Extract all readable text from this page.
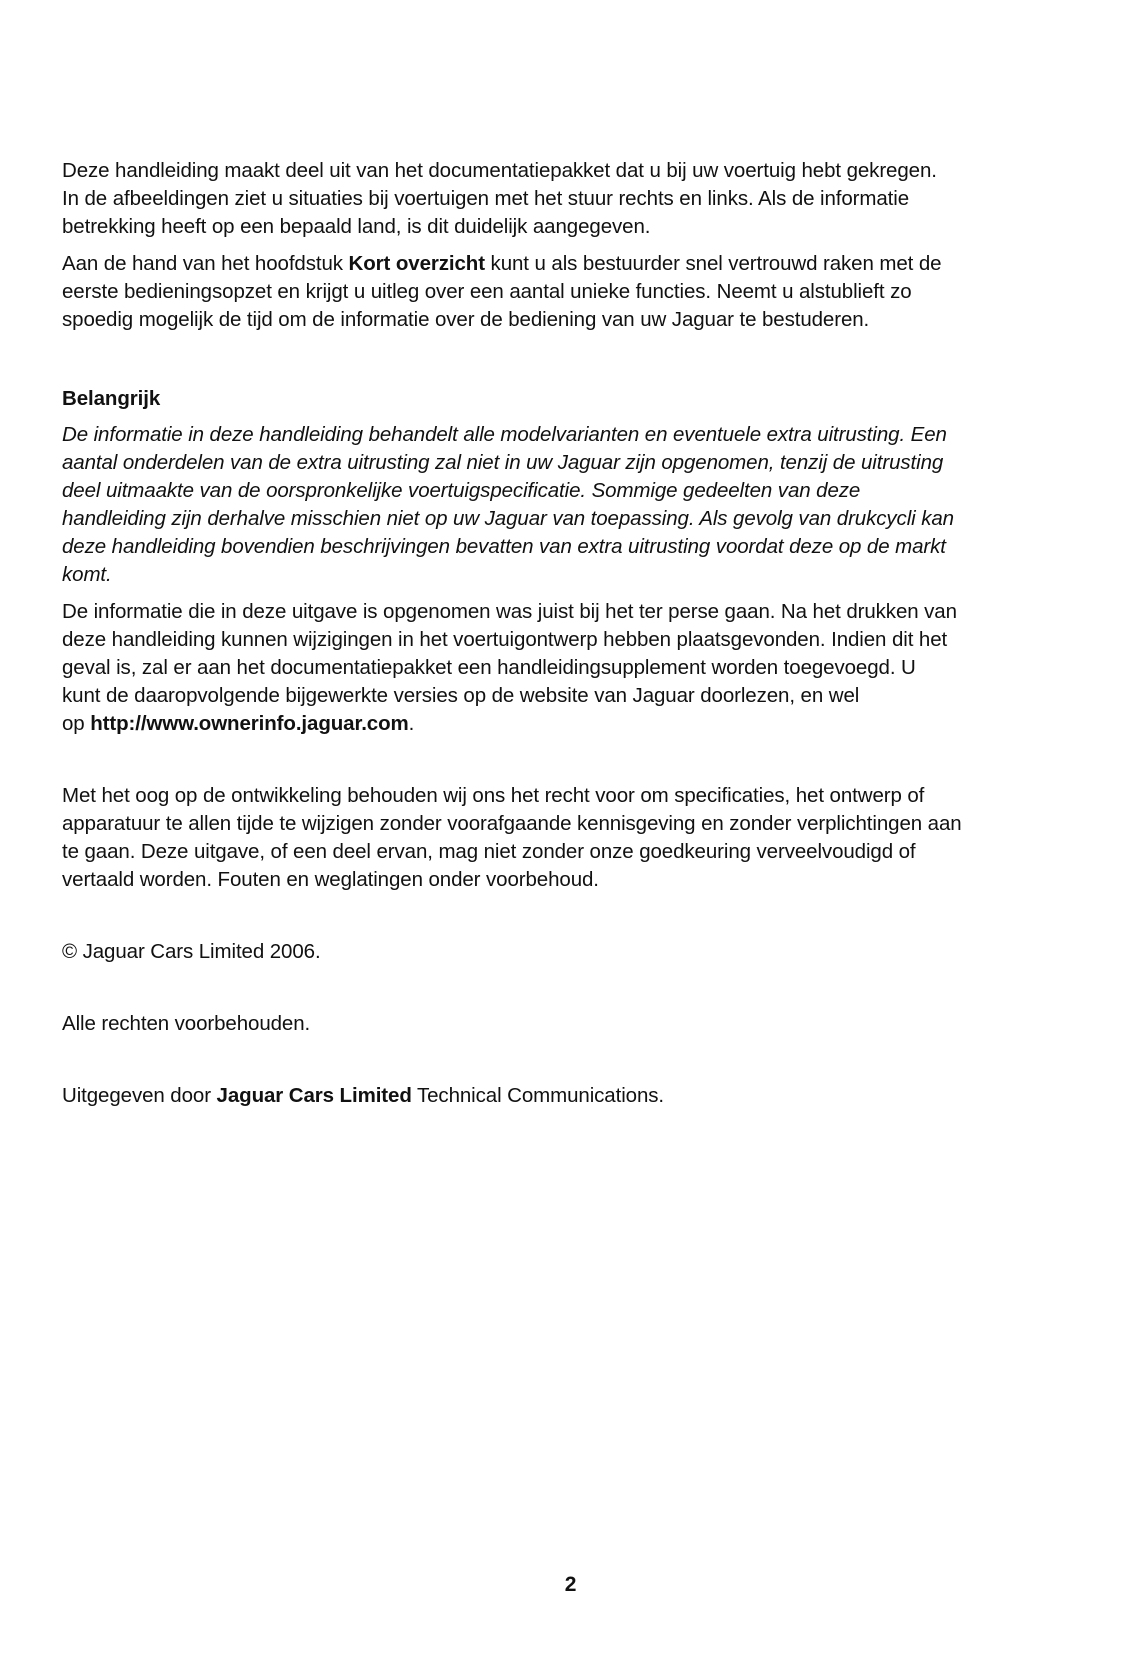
Deze handleiding maakt deel uit van het documentatiepakket dat u bij uw voertuig hebt gekregen.
In de afbeeldingen ziet u situaties bij voertuigen met het stuur rechts en links. Als de informatie
betrekking heeft op een bepaald land, is dit duidelijk aangegeven.

Aan de hand van het hoofdstuk Kort overzicht kunt u als bestuurder snel vertrouwd raken met de
eerste bedieningsopzet en krijgt u uitleg over een aantal unieke functies. Neemt u alstublieft zo
spoedig mogelijk de tijd om de informatie over de bediening van uw Jaguar te bestuderen.

Belangrijk

De informatie in deze handleiding behandelt alle modelvarianten en eventuele extra uitrusting. Een
aantal onderdelen van de extra uitrusting zal niet in uw Jaguar zijn opgenomen, tenzij de uitrusting
deel uitmaakte van de oorspronkelijke voertuigspecificatie. Sommige gedeelten van deze
handleiding zijn derhalve misschien niet op uw Jaguar van toepassing. Als gevolg van drukcycli kan
deze handleiding bovendien beschrijvingen bevatten van extra uitrusting voordat deze op de markt
komt.

De informatie die in deze uitgave is opgenomen was juist bij het ter perse gaan. Na het drukken van
deze handleiding kunnen wijzigingen in het voertuigontwerp hebben plaatsgevonden. Indien dit het
geval is, zal er aan het documentatiepakket een handleidingsupplement worden toegevoegd. U
kunt de daaropvolgende bijgewerkte versies op de website van Jaguar doorlezen, en wel
op http://www.ownerinfo.jaguar.com.

Met het oog op de ontwikkeling behouden wij ons het recht voor om specificaties, het ontwerp of
apparatuur te allen tijde te wijzigen zonder voorafgaande kennisgeving en zonder verplichtingen aan
te gaan. Deze uitgave, of een deel ervan, mag niet zonder onze goedkeuring verveelvoudigd of
vertaald worden. Fouten en weglatingen onder voorbehoud.

© Jaguar Cars Limited 2006.

Alle rechten voorbehouden.

Uitgegeven door Jaguar Cars Limited Technical Communications.

2
